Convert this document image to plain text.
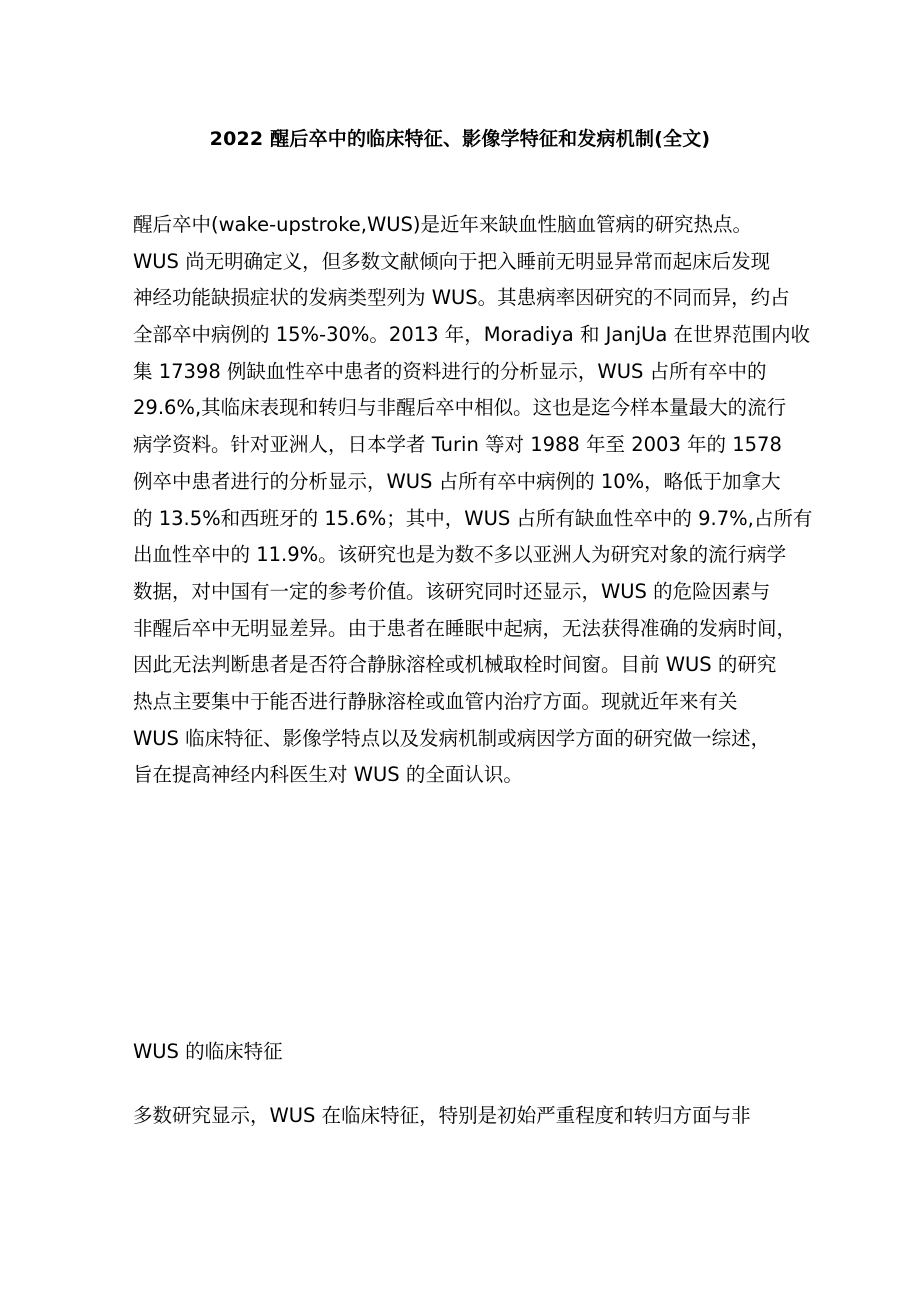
2022 醒后卒中的临床特征、影像学特征和发病机制(全文)
醒后卒中(wake-upstroke,WUS)是近年来缺血性脑血管病的研究热点。
WUS 尚无明确定义，但多数文献倾向于把入睡前无明显异常而起床后发现
神经功能缺损症状的发病类型列为 WUS。其患病率因研究的不同而异，约占
全部卒中病例的 15%-30%。2013 年，Moradiya 和 JanjUa 在世界范围内收
集 17398 例缺血性卒中患者的资料进行的分析显示，WUS 占所有卒中的
29.6%,其临床表现和转归与非醒后卒中相似。这也是迄今样本量最大的流行
病学资料。针对亚洲人，日本学者 Turin 等对 1988 年至 2003 年的 1578
例卒中患者进行的分析显示，WUS 占所有卒中病例的 10%，略低于加拿大
的 13.5%和西班牙的 15.6%；其中，WUS 占所有缺血性卒中的 9.7%,占所有
出血性卒中的 11.9%。该研究也是为数不多以亚洲人为研究对象的流行病学
数据，对中国有一定的参考价值。该研究同时还显示，WUS 的危险因素与
非醒后卒中无明显差异。由于患者在睡眠中起病，无法获得准确的发病时间，
因此无法判断患者是否符合静脉溶栓或机械取栓时间窗。目前 WUS 的研究
热点主要集中于能否进行静脉溶栓或血管内治疗方面。现就近年来有关
WUS 临床特征、影像学特点以及发病机制或病因学方面的研究做一综述，
旨在提高神经内科医生对 WUS 的全面认识。
WUS 的临床特征
多数研究显示，WUS 在临床特征，特别是初始严重程度和转归方面与非
